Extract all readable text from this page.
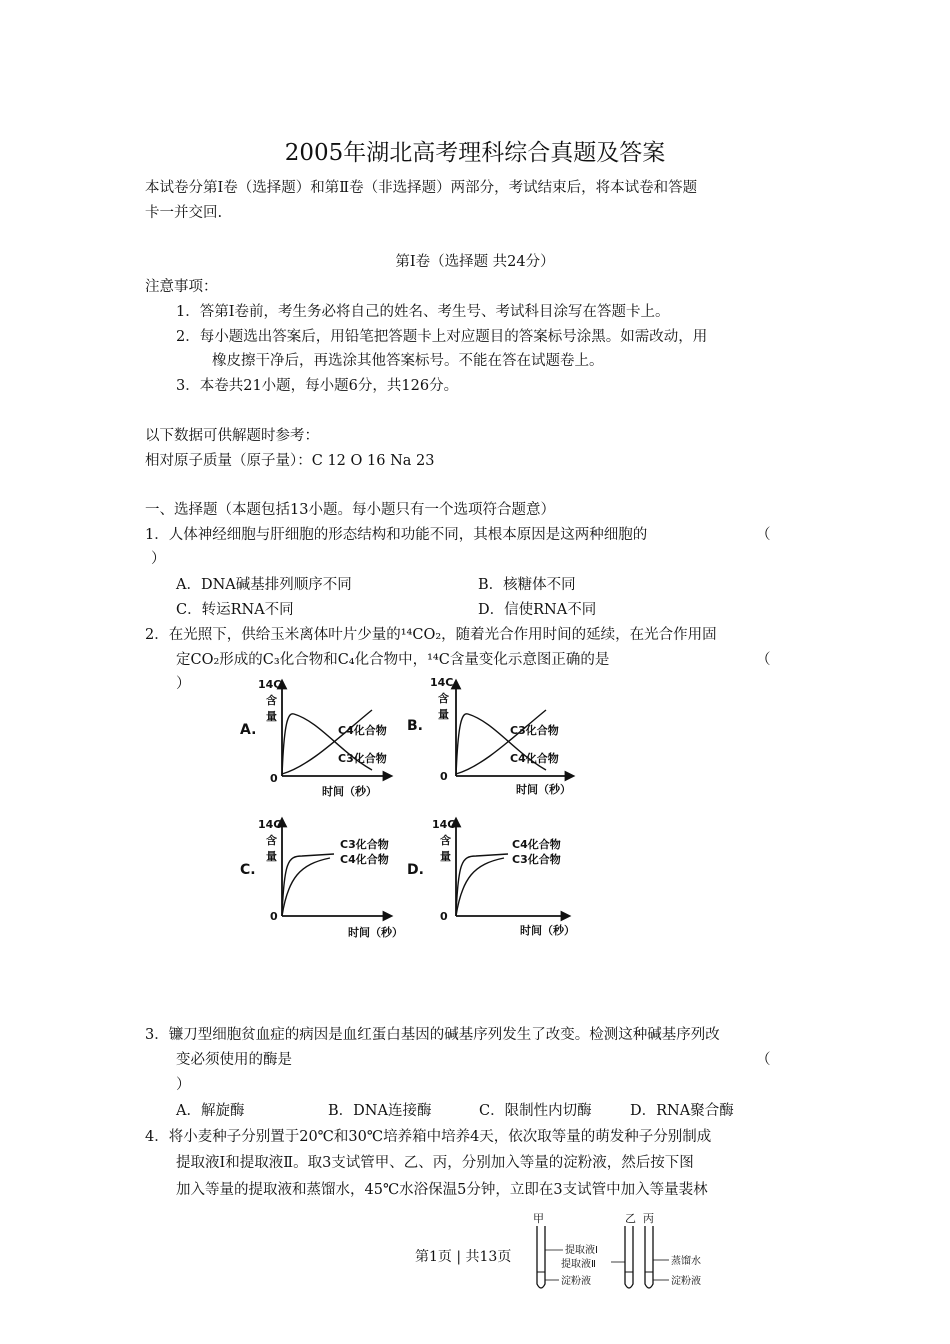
2005年湖北高考理科综合真题及答案
本试卷分第Ⅰ卷（选择题）和第Ⅱ卷（非选择题）两部分，考试结束后，将本试卷和答题
卡一并交回.
第Ⅰ卷（选择题 共24分）
注意事项：
1．答第Ⅰ卷前，考生务必将自己的姓名、考生号、考试科目涂写在答题卡上。
2．每小题选出答案后，用铅笔把答题卡上对应题目的答案标号涂黑。如需改动，用
橡皮擦干净后，再选涂其他答案标号。不能在答在试题卷上。
3．本卷共21小题，每小题6分，共126分。
以下数据可供解题时参考：
相对原子质量（原子量）：C 12 O 16 Na 23
一、选择题（本题包括13小题。每小题只有一个选项符合题意）
1．人体神经细胞与肝细胞的形态结构和功能不同，其根本原因是这两种细胞的	（
）
A．DNA碱基排列顺序不同	B．核糖体不同
C．转运RNA不同	D．信使RNA不同
2．在光照下，供给玉米离体叶片少量的¹⁴CO₂，随着光合作用时间的延续，在光合作用固
定CO₂形成的C₃化合物和C₄化合物中，¹⁴C含量变化示意图正确的是	（
）
A.
14C
含
量
0
C4化合物
C3化合物
时间（秒）
B.
14C
含
量
0
C3化合物
C4化合物
时间（秒）
C.
14C
含
量
0
C3化合物
C4化合物
时间（秒）
D.
14C
含
量
0
C4化合物
C3化合物
时间（秒）
3．镰刀型细胞贫血症的病因是血红蛋白基因的碱基序列发生了改变。检测这种碱基序列改
变必须使用的酶是	（
）
A．解旋酶	B．DNA连接酶	C．限制性内切酶	D．RNA聚合酶
4．将小麦种子分别置于20℃和30℃培养箱中培养4天，依次取等量的萌发种子分别制成
提取液Ⅰ和提取液Ⅱ。取3支试管甲、乙、丙，分别加入等量的淀粉液，然后按下图
加入等量的提取液和蒸馏水，45℃水浴保温5分钟，立即在3支试管中加入等量裴林
第1页 | 共13页
甲	乙 丙
提取液Ⅰ
提取液Ⅱ
淀粉液
蒸馏水
淀粉液
